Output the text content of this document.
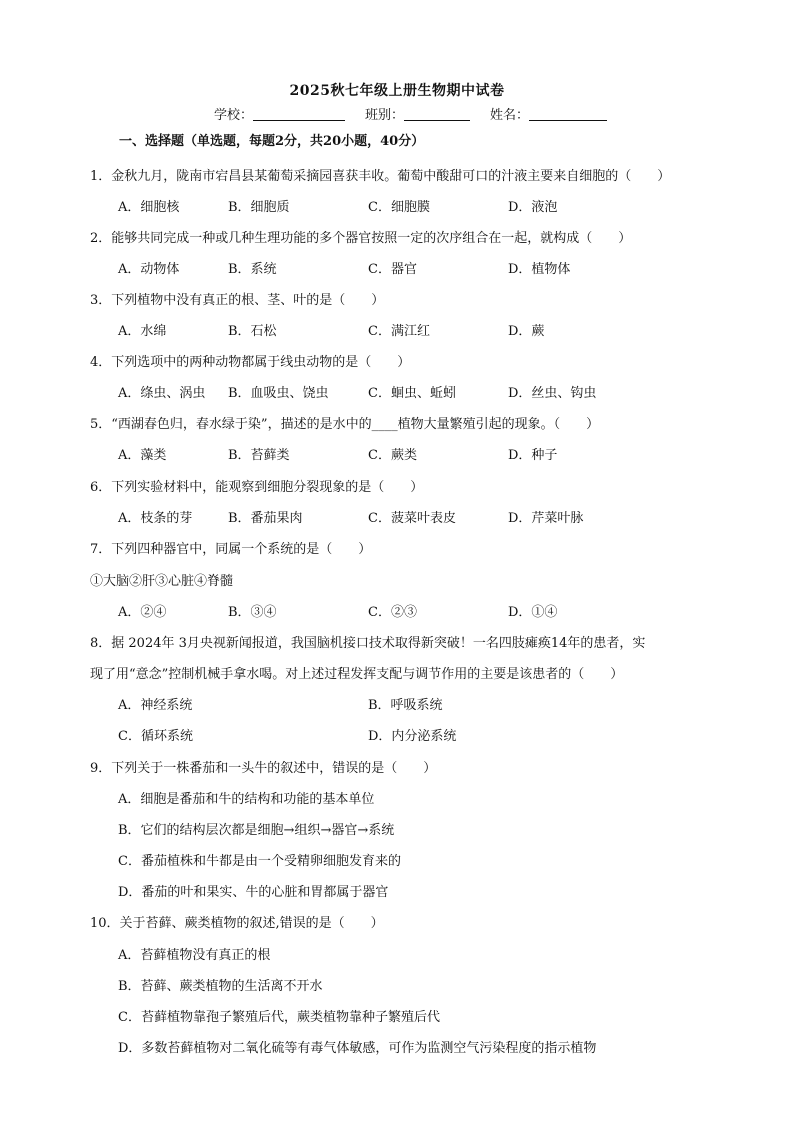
2025秋七年级上册生物期中试卷
学校：	班别：	姓名：
一、选择题（单选题，每题2分，共20小题，40分）
1．金秋九月，陇南市宕昌县某葡萄采摘园喜获丰收。葡萄中酸甜可口的汁液主要来自细胞的（　　）
A．细胞核	B．细胞质	C．细胞膜	D．液泡
2．能够共同完成一种或几种生理功能的多个器官按照一定的次序组合在一起，就构成（　　）
A．动物体	B．系统	C．器官	D．植物体
3．下列植物中没有真正的根、茎、叶的是（　　）
A．水绵	B．石松	C．满江红	D．蕨
4．下列选项中的两种动物都属于线虫动物的是（　　）
A．绦虫、涡虫 B．血吸虫、饶虫	C．蛔虫、蚯蚓	D．丝虫、钩虫
5．“西湖春色归，春水绿于染”，描述的是水中的____植物大量繁殖引起的现象。（　　）
A．藻类	B．苔藓类	C．蕨类	D．种子
6．下列实验材料中，能观察到细胞分裂现象的是（　　）
A．枝条的芽	B．番茄果肉	C．菠菜叶表皮	D．芹菜叶脉
7．下列四种器官中，同属一个系统的是（　　）
①大脑②肝③心脏④脊髓
A．②④	B．③④	C．②③	D．①④
8．据 2024年 3月央视新闻报道，我国脑机接口技术取得新突破！一名四肢瘫痪14年的患者，实
现了用“意念”控制机械手拿水喝。对上述过程发挥支配与调节作用的主要是该患者的（　　）
A．神经系统	B．呼吸系统
C．循环系统	D．内分泌系统
9．下列关于一株番茄和一头牛的叙述中，错误的是（　　）
A．细胞是番茄和牛的结构和功能的基本单位
B．它们的结构层次都是细胞→组织→器官→系统
C．番茄植株和牛都是由一个受精卵细胞发育来的
D．番茄的叶和果实、牛的心脏和胃都属于器官
10．关于苔藓、蕨类植物的叙述,错误的是（　　）
A．苔藓植物没有真正的根
B．苔藓、蕨类植物的生活离不开水
C．苔藓植物靠孢子繁殖后代，蕨类植物靠种子繁殖后代
D．多数苔藓植物对二氧化硫等有毒气体敏感，可作为监测空气污染程度的指示植物
